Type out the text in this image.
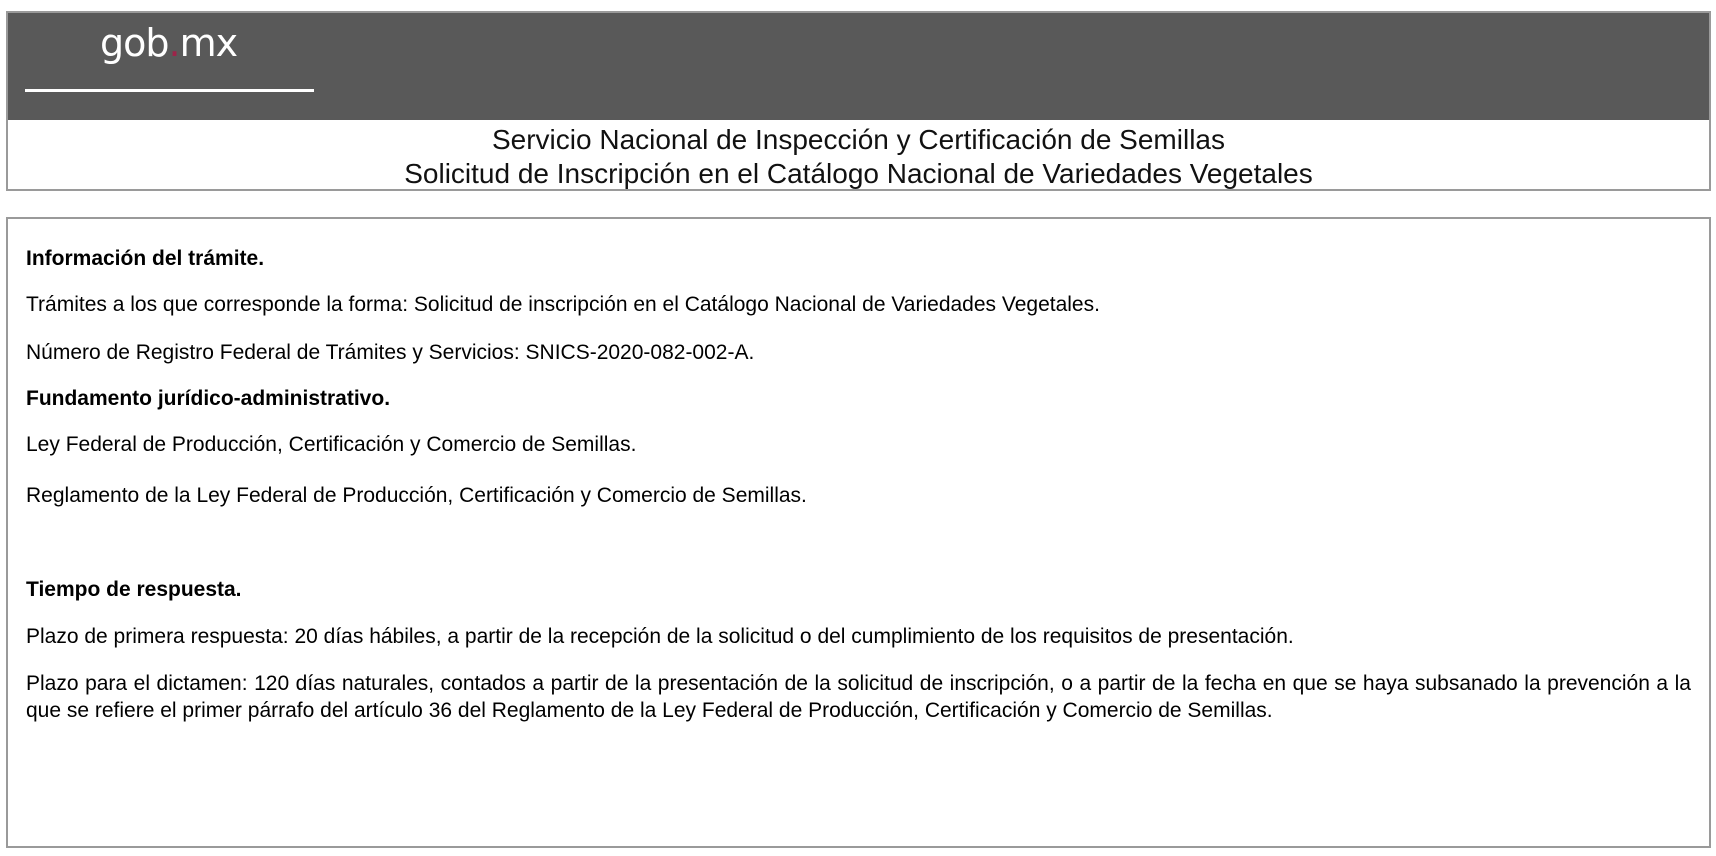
gob.mx
Servicio Nacional de Inspección y Certificación de Semillas
Solicitud de Inscripción en el Catálogo Nacional de Variedades Vegetales
Información del trámite.
Trámites a los que corresponde la forma: Solicitud de inscripción en el Catálogo Nacional de Variedades Vegetales.
Número de Registro Federal de Trámites y Servicios: SNICS-2020-082-002-A.
Fundamento jurídico-administrativo.
Ley Federal de Producción, Certificación y Comercio de Semillas.
Reglamento de la Ley Federal de Producción, Certificación y Comercio de Semillas.
Tiempo de respuesta.
Plazo de primera respuesta: 20 días hábiles, a partir de la recepción de la solicitud o del cumplimiento de los requisitos de presentación.
Plazo para el dictamen: 120 días naturales, contados a partir de la presentación de la solicitud de inscripción, o a partir de la fecha en que se haya subsanado la prevención a la que se refiere el primer párrafo del artículo 36 del Reglamento de la Ley Federal de Producción, Certificación y Comercio de Semillas.
